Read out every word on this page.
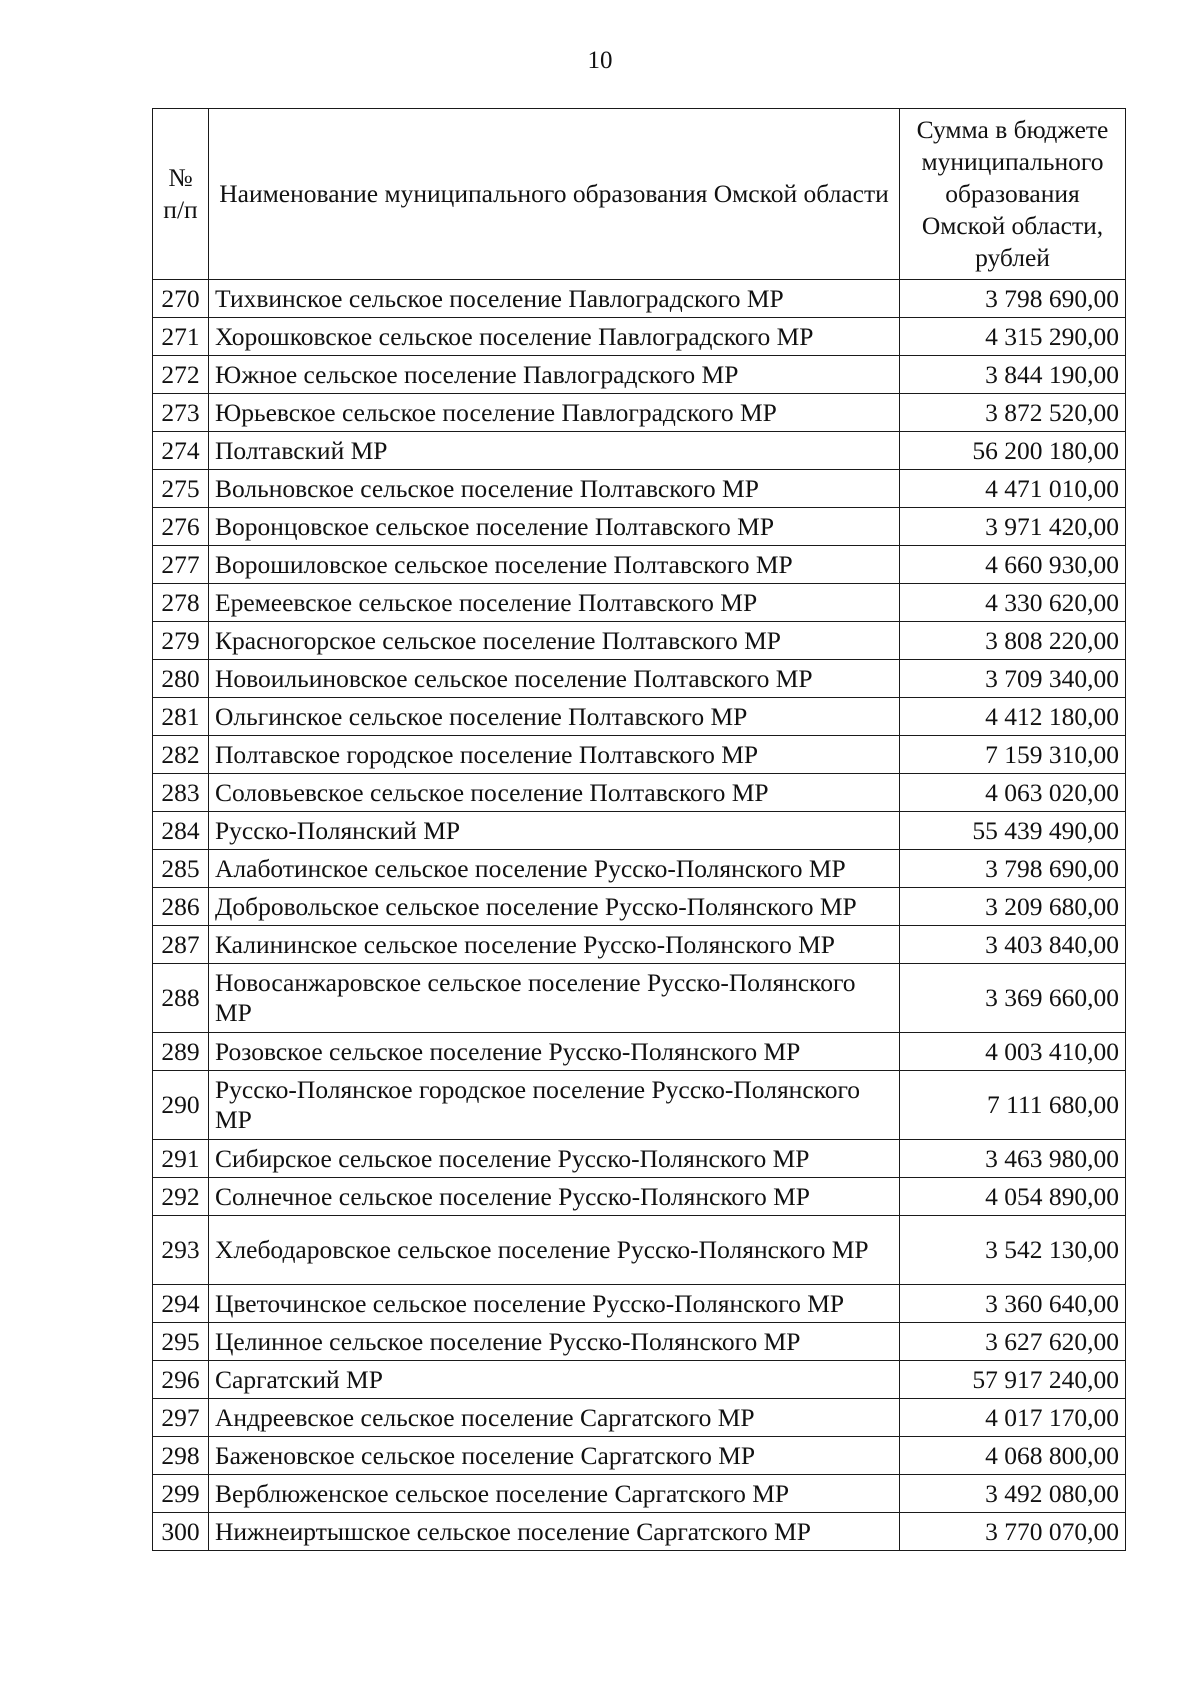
10
№ п/п	Наименование муниципального образования Омской области	Сумма в бюджете муниципального образования Омской области, рублей
270	Тихвинское сельское поселение Павлоградского МР	3 798 690,00
271	Хорошковское сельское поселение Павлоградского МР	4 315 290,00
272	Южное сельское поселение Павлоградского МР	3 844 190,00
273	Юрьевское сельское поселение Павлоградского МР	3 872 520,00
274	Полтавский МР	56 200 180,00
275	Вольновское сельское поселение Полтавского МР	4 471 010,00
276	Воронцовское сельское поселение Полтавского МР	3 971 420,00
277	Ворошиловское сельское поселение Полтавского МР	4 660 930,00
278	Еремеевское сельское поселение Полтавского МР	4 330 620,00
279	Красногорское сельское поселение Полтавского МР	3 808 220,00
280	Новоильиновское сельское поселение Полтавского МР	3 709 340,00
281	Ольгинское сельское поселение Полтавского МР	4 412 180,00
282	Полтавское городское поселение Полтавского МР	7 159 310,00
283	Соловьевское сельское поселение Полтавского МР	4 063 020,00
284	Русско-Полянский МР	55 439 490,00
285	Алаботинское сельское поселение Русско-Полянского МР	3 798 690,00
286	Добровольское сельское поселение Русско-Полянского МР	3 209 680,00
287	Калининское сельское поселение Русско-Полянского МР	3 403 840,00
288	Новосанжаровское сельское поселение Русско-Полянского МР	3 369 660,00
289	Розовское сельское поселение Русско-Полянского МР	4 003 410,00
290	Русско-Полянское городское поселение Русско-Полянского МР	7 111 680,00
291	Сибирское сельское поселение Русско-Полянского МР	3 463 980,00
292	Солнечное сельское поселение Русско-Полянского МР	4 054 890,00
293	Хлебодаровское сельское поселение Русско-Полянского МР	3 542 130,00
294	Цветочинское сельское поселение Русско-Полянского МР	3 360 640,00
295	Целинное сельское поселение Русско-Полянского МР	3 627 620,00
296	Саргатский МР	57 917 240,00
297	Андреевское сельское поселение Саргатского МР	4 017 170,00
298	Баженовское сельское поселение Саргатского МР	4 068 800,00
299	Верблюженское сельское поселение Саргатского МР	3 492 080,00
300	Нижнеиртышское сельское поселение Саргатского МР	3 770 070,00
